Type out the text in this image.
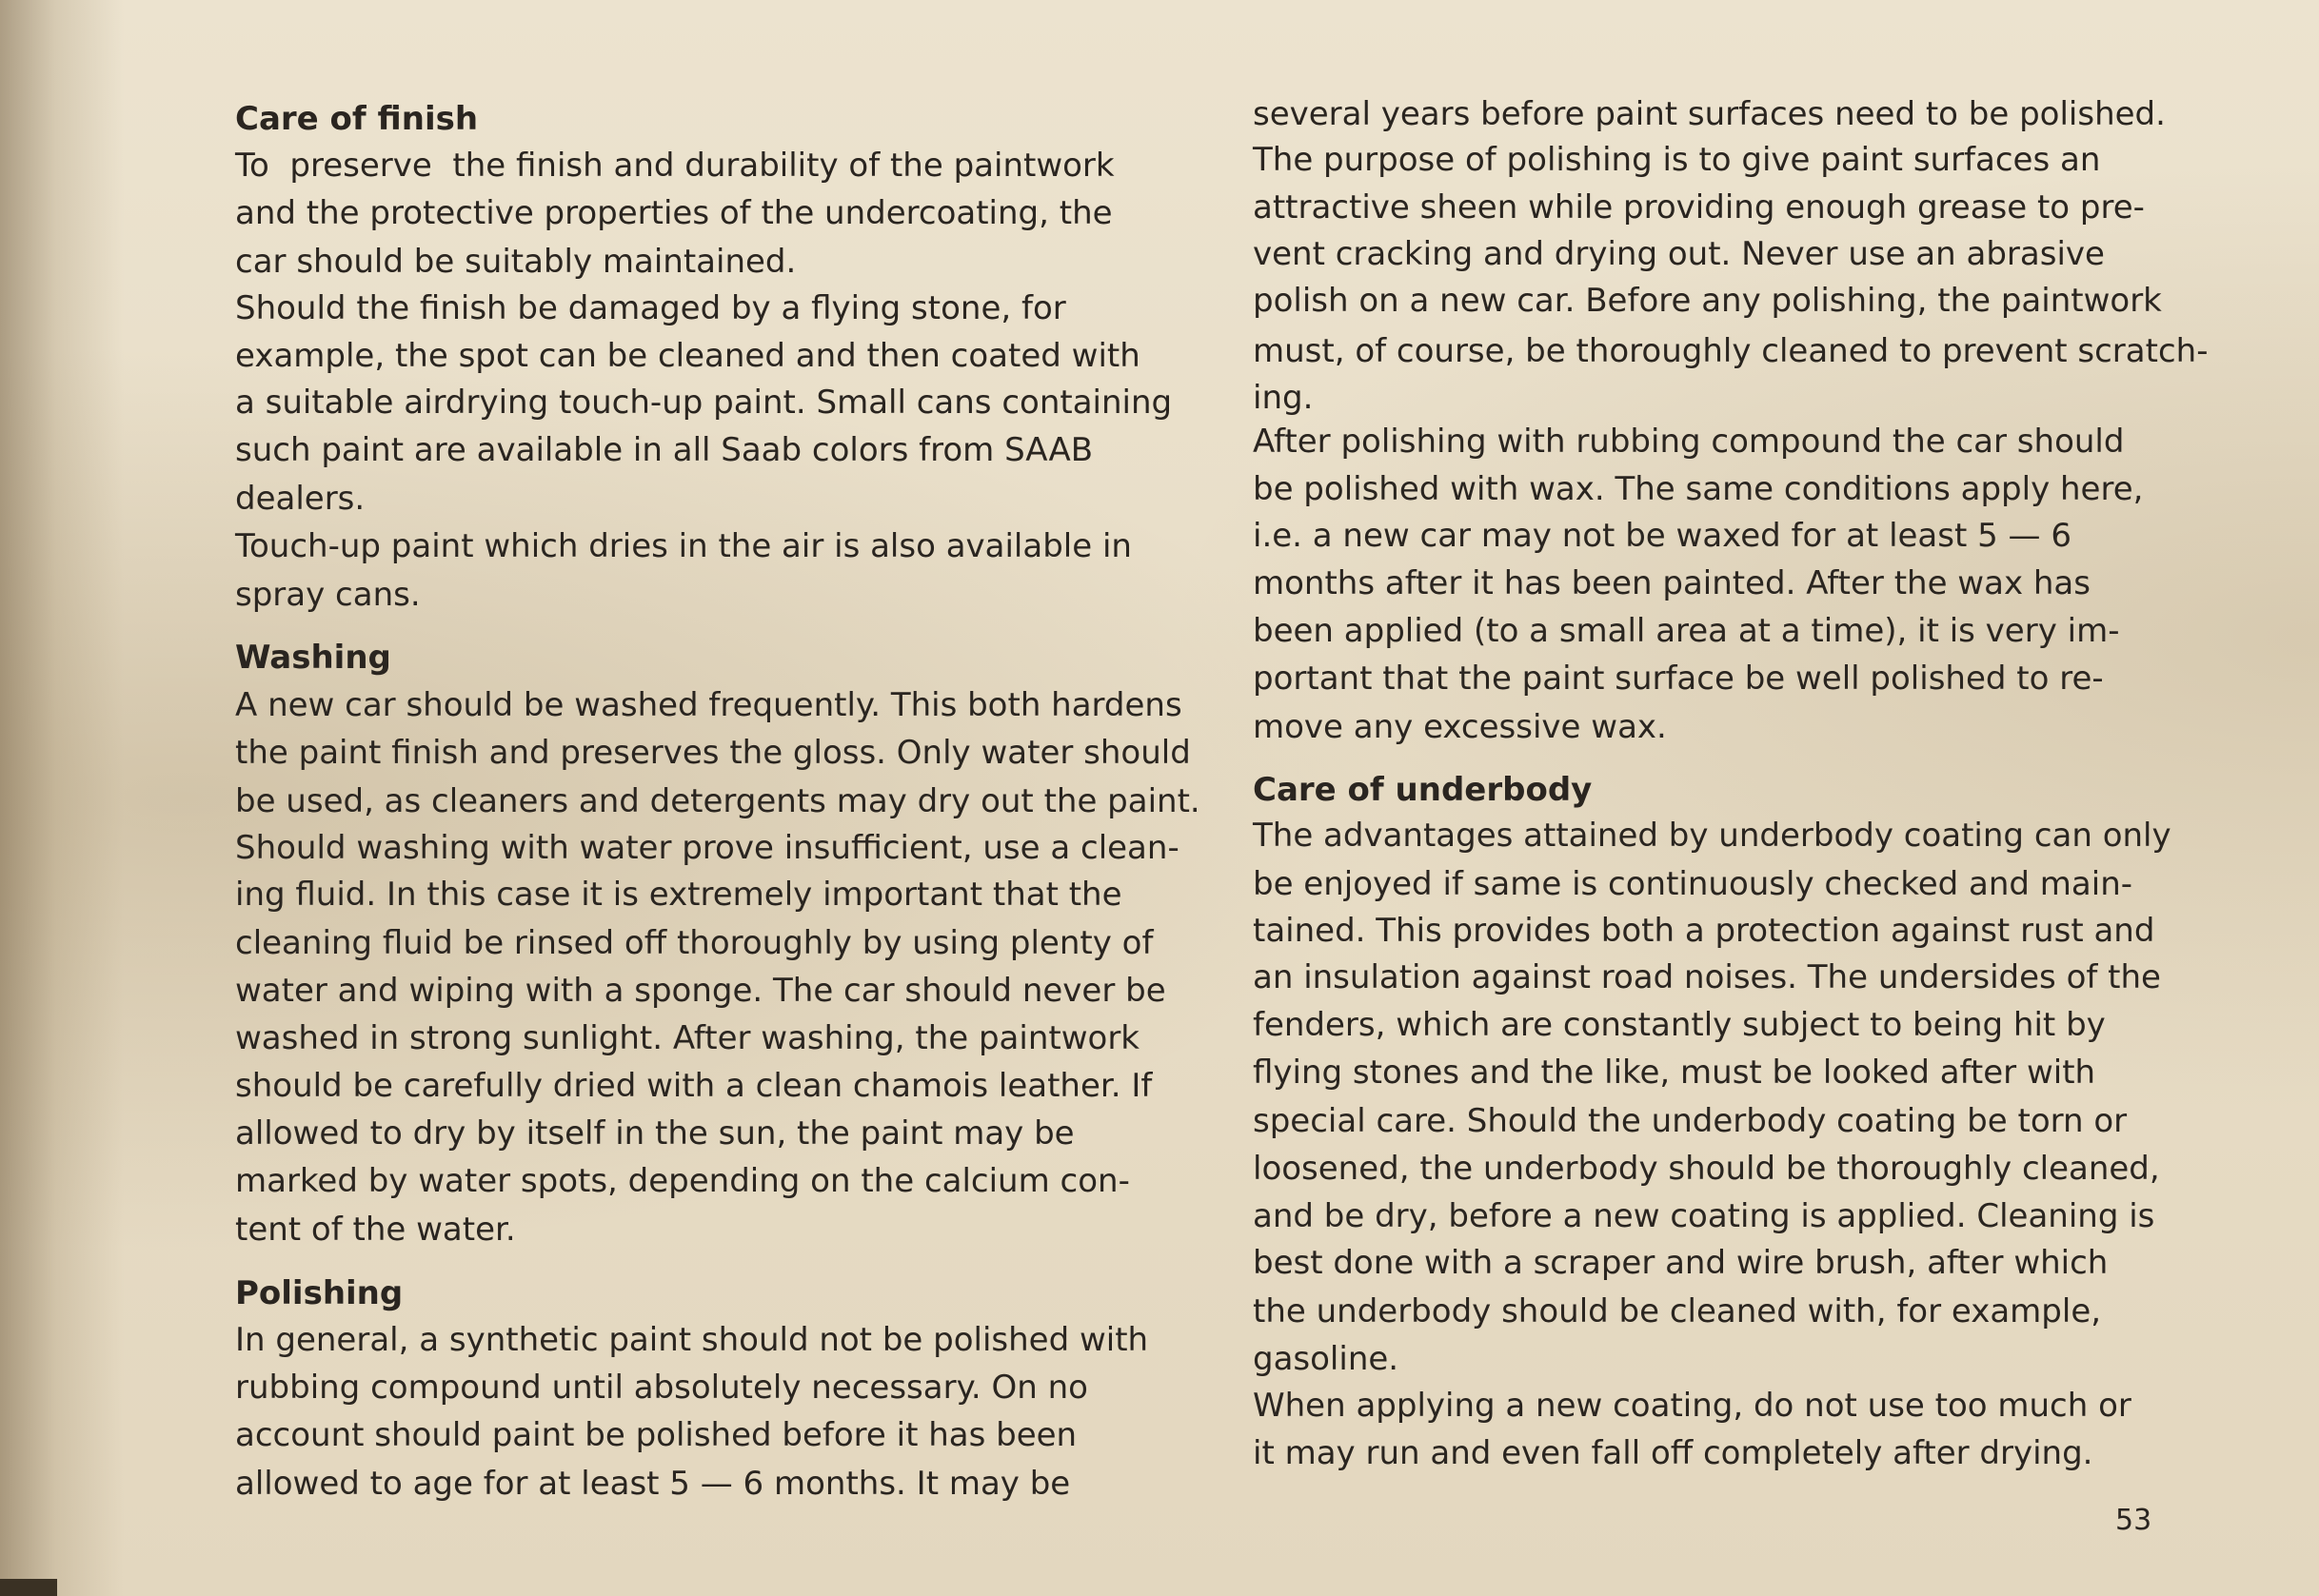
Care of finish
To  preserve  the finish and durability of the paintwork
and the protective properties of the undercoating, the
car should be suitably maintained.
Should the finish be damaged by a flying stone, for
example, the spot can be cleaned and then coated with
a suitable airdrying touch-up paint. Small cans containing
such paint are available in all Saab colors from SAAB
dealers.
Touch-up paint which dries in the air is also available in
spray cans.
Washing
A new car should be washed frequently. This both hardens
the paint finish and preserves the gloss. Only water should
be used, as cleaners and detergents may dry out the paint.
Should washing with water prove insufficient, use a clean-
ing fluid. In this case it is extremely important that the
cleaning fluid be rinsed off thoroughly by using plenty of
water and wiping with a sponge. The car should never be
washed in strong sunlight. After washing, the paintwork
should be carefully dried with a clean chamois leather. If
allowed to dry by itself in the sun, the paint may be
marked by water spots, depending on the calcium con-
tent of the water.
Polishing
In general, a synthetic paint should not be polished with
rubbing compound until absolutely necessary. On no
account should paint be polished before it has been
allowed to age for at least 5 — 6 months. It may be
several years before paint surfaces need to be polished.
The purpose of polishing is to give paint surfaces an
attractive sheen while providing enough grease to pre-
vent cracking and drying out. Never use an abrasive
polish on a new car. Before any polishing, the paintwork
must, of course, be thoroughly cleaned to prevent scratch-
ing.
After polishing with rubbing compound the car should
be polished with wax. The same conditions apply here,
i.e. a new car may not be waxed for at least 5 — 6
months after it has been painted. After the wax has
been applied (to a small area at a time), it is very im-
portant that the paint surface be well polished to re-
move any excessive wax.
Care of underbody
The advantages attained by underbody coating can only
be enjoyed if same is continuously checked and main-
tained. This provides both a protection against rust and
an insulation against road noises. The undersides of the
fenders, which are constantly subject to being hit by
flying stones and the like, must be looked after with
special care. Should the underbody coating be torn or
loosened, the underbody should be thoroughly cleaned,
and be dry, before a new coating is applied. Cleaning is
best done with a scraper and wire brush, after which
the underbody should be cleaned with, for example,
gasoline.
When applying a new coating, do not use too much or
it may run and even fall off completely after drying.
53
